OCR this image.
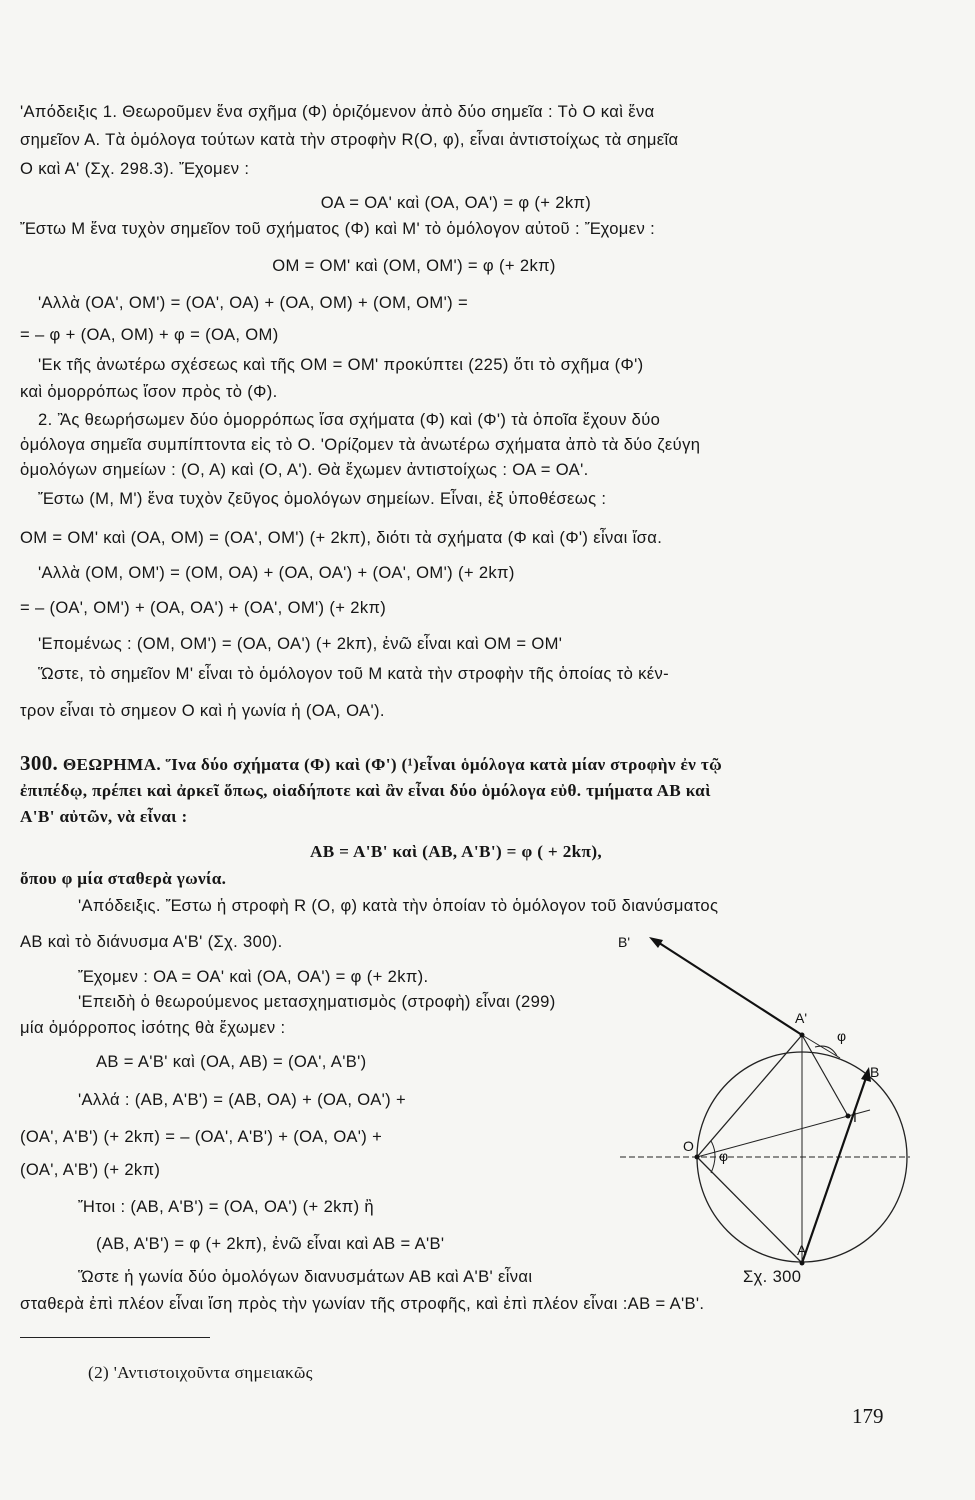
'Απόδειξις 1. Θεωροῦμεν ἕνα σχῆμα (Φ) ὁριζόμενον ἀπὸ δύο σημεῖα : Τὸ Ο καὶ ἕνα
σημεῖον Α. Τὰ ὁμόλογα τούτων κατὰ τὴν στροφὴν R(Ο, φ), εἶναι ἀντιστοίχως τὰ σημεῖα
Ο καὶ Α' (Σχ. 298.3). Ἔχομεν :
ΟΑ = ΟΑ' καὶ (ΟΑ, ΟΑ') = φ (+ 2kπ)
Ἔστω Μ ἕνα τυχὸν σημεῖον τοῦ σχήματος (Φ) καὶ Μ' τὸ ὁμόλογον αὐτοῦ : Ἔχομεν :
ΟΜ = ΟΜ' καὶ (ΟΜ, ΟΜ') = φ (+ 2kπ)
'Αλλὰ (ΟΑ', ΟΜ') = (ΟΑ', ΟΑ) + (ΟΑ, ΟΜ) + (ΟΜ, ΟΜ') =
= – φ + (ΟΑ, ΟΜ) + φ = (ΟΑ, ΟΜ)
'Εκ τῆς ἀνωτέρω σχέσεως καὶ τῆς ΟΜ = ΟΜ' προκύπτει (225) ὅτι τὸ σχῆμα (Φ')
καὶ ὁμορρόπως ἴσον πρὸς τὸ (Φ).
2. Ἂς θεωρήσωμεν δύο ὁμορρόπως ἴσα σχήματα (Φ) καὶ (Φ') τὰ ὁποῖα ἔχουν δύο
ὁμόλογα σημεῖα συμπίπτοντα εἰς τὸ Ο. 'Ορίζομεν τὰ ἀνωτέρω σχήματα ἀπὸ τὰ δύο ζεύγη
ὁμολόγων σημείων : (Ο, Α) καὶ (Ο, Α'). Θὰ ἔχωμεν ἀντιστοίχως : ΟΑ = ΟΑ'.
Ἔστω (Μ, Μ') ἕνα τυχὸν ζεῦγος ὁμολόγων σημείων. Εἶναι, ἐξ ὑποθέσεως :
ΟΜ = ΟΜ' καὶ (ΟΑ, ΟΜ) = (ΟΑ', ΟΜ') (+ 2kπ), διότι τὰ σχήματα (Φ καὶ (Φ') εἶναι ἴσα.
'Αλλὰ (ΟΜ, ΟΜ') = (ΟΜ, ΟΑ) + (ΟΑ, ΟΑ') + (ΟΑ', ΟΜ') (+ 2kπ)
= – (ΟΑ', ΟΜ') + (ΟΑ, ΟΑ') + (ΟΑ', ΟΜ') (+ 2kπ)
'Επομένως : (ΟΜ, ΟΜ') = (ΟΑ, ΟΑ') (+ 2kπ), ἐνῶ εἶναι καὶ ΟΜ = ΟΜ'
Ὥστε, τὸ σημεῖον Μ' εἶναι τὸ ὁμόλογον τοῦ Μ κατὰ τὴν στροφὴν τῆς ὁποίας τὸ κέν-
τρον εἶναι τὸ σημεον Ο καὶ ἡ γωνία ἡ (ΟΑ, ΟΑ').
300. ΘΕΩΡΗΜΑ. Ἵνα δύο σχήματα (Φ) καὶ (Φ') (¹)εἶναι ὁμόλογα κατὰ μίαν στροφὴν ἐν τῷ
ἐπιπέδῳ, πρέπει καὶ ἀρκεῖ ὅπως, οἱαδήποτε καὶ ἂν εἶναι δύο ὁμόλογα εὐθ. τμήματα ΑΒ καὶ
Α'Β' αὐτῶν, νὰ εἶναι :
ΑΒ = Α'Β' καὶ (ΑΒ, Α'Β') = φ ( + 2kπ),
ὅπου φ μία σταθερὰ γωνία.
'Απόδειξις. Ἔστω ἡ στροφὴ R (Ο, φ) κατὰ τὴν ὁποίαν τὸ ὁμόλογον τοῦ διανύσματος
ΑΒ καὶ τὸ διάνυσμα Α'Β' (Σχ. 300).
Ἔχομεν : ΟΑ = ΟΑ' καὶ (ΟΑ, ΟΑ') = φ (+ 2kπ).
'Επειδὴ ὁ θεωρούμενος μετασχηματισμὸς (στροφὴ) εἶναι (299)
μία ὁμόρροπος ἰσότης θὰ ἔχωμεν :
ΑΒ = Α'Β' καὶ (ΟΑ, ΑΒ) = (ΟΑ', Α'Β')
'Αλλά : (ΑΒ, Α'Β') = (ΑΒ, ΟΑ) + (ΟΑ, ΟΑ') +
(ΟΑ', Α'Β') (+ 2kπ) = – (ΟΑ', Α'Β') + (ΟΑ, ΟΑ') +
(ΟΑ', Α'Β') (+ 2kπ)
Ἤτοι : (ΑΒ, Α'Β') = (ΟΑ, ΟΑ') (+ 2kπ) ἢ
(ΑΒ, Α'Β') = φ (+ 2kπ), ἐνῶ εἶναι καὶ ΑΒ = Α'Β'
Ὥστε ἡ γωνία δύο ὁμολόγων διανυσμάτων ΑΒ καὶ Α'Β' εἶναι
σταθερὰ ἐπὶ πλέον εἶναι ἴση πρὸς τὴν γωνίαν τῆς στροφῆς, καὶ ἐπὶ πλέον εἶναι :ΑΒ = Α'Β'.
Β'
Α'
Β
Ι
Ο
Α
φ
φ
Σχ. 300
(2) 'Αντιστοιχοῦντα σημειακῶς
179
